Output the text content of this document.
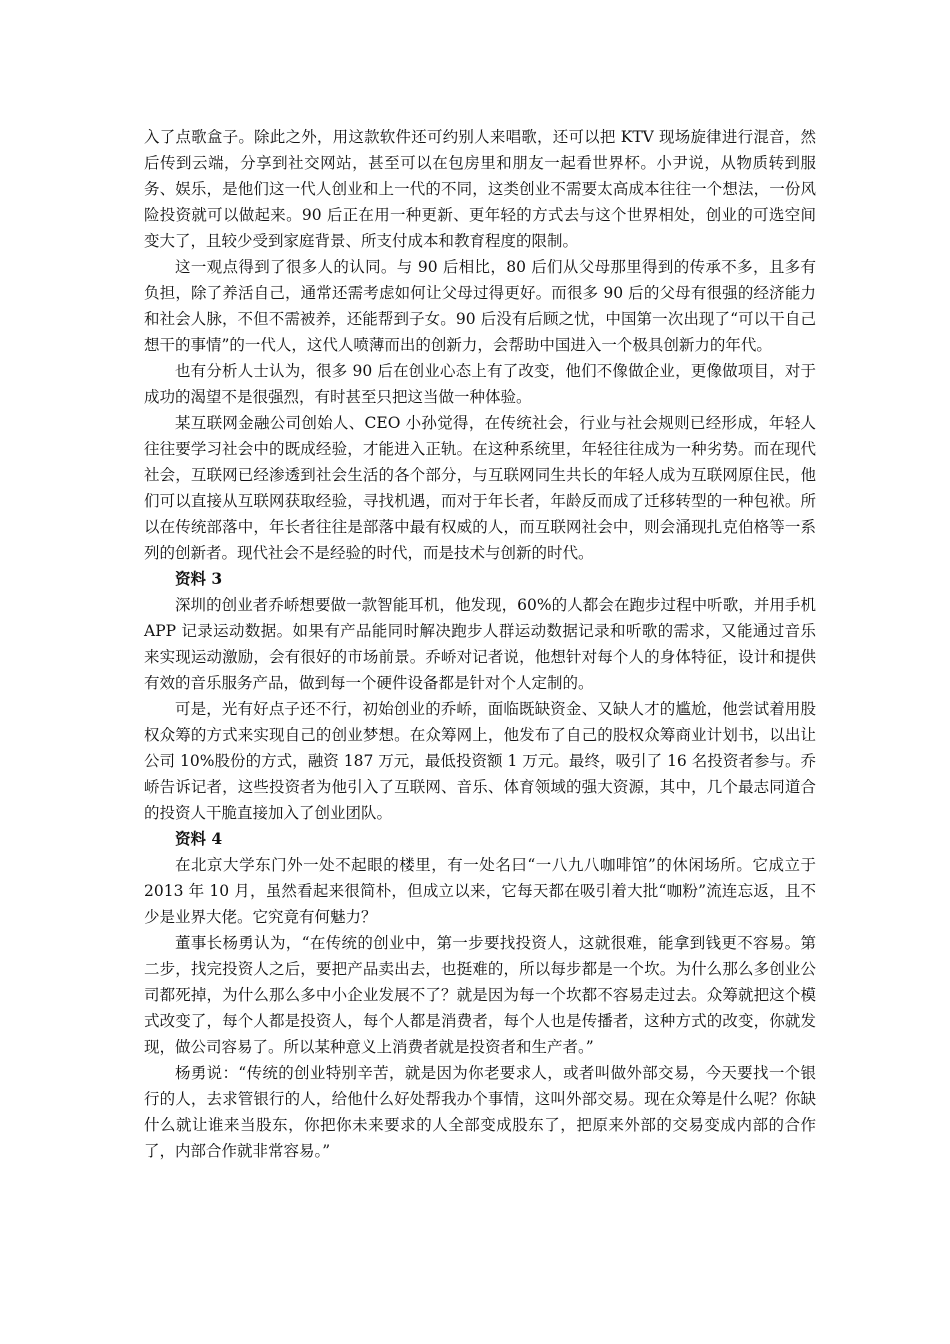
入了点歌盒子。除此之外，用这款软件还可约别人来唱歌，还可以把 KTV 现场旋律进行混音，然后传到云端，分享到社交网站，甚至可以在包房里和朋友一起看世界杯。小尹说，从物质转到服务、娱乐，是他们这一代人创业和上一代的不同，这类创业不需要太高成本往往一个想法，一份风险投资就可以做起来。90 后正在用一种更新、更年轻的方式去与这个世界相处，创业的可选空间变大了，且较少受到家庭背景、所支付成本和教育程度的限制。

这一观点得到了很多人的认同。与 90 后相比，80 后们从父母那里得到的传承不多，且多有负担，除了养活自己，通常还需考虑如何让父母过得更好。而很多 90 后的父母有很强的经济能力和社会人脉，不但不需被养，还能帮到子女。90 后没有后顾之忧，中国第一次出现了“可以干自己想干的事情”的一代人，这代人喷薄而出的创新力，会帮助中国进入一个极具创新力的年代。

也有分析人士认为，很多 90 后在创业心态上有了改变，他们不像做企业，更像做项目，对于成功的渴望不是很强烈，有时甚至只把这当做一种体验。

某互联网金融公司创始人、CEO 小孙觉得，在传统社会，行业与社会规则已经形成，年轻人往往要学习社会中的既成经验，才能进入正轨。在这种系统里，年轻往往成为一种劣势。而在现代社会，互联网已经渗透到社会生活的各个部分，与互联网同生共长的年轻人成为互联网原住民，他们可以直接从互联网获取经验，寻找机遇，而对于年长者，年龄反而成了迁移转型的一种包袱。所以在传统部落中，年长者往往是部落中最有权威的人，而互联网社会中，则会涌现扎克伯格等一系列的创新者。现代社会不是经验的时代，而是技术与创新的时代。

资料 3

深圳的创业者乔峤想要做一款智能耳机，他发现，60%的人都会在跑步过程中听歌，并用手机 APP 记录运动数据。如果有产品能同时解决跑步人群运动数据记录和听歌的需求，又能通过音乐来实现运动激励，会有很好的市场前景。乔峤对记者说，他想针对每个人的身体特征，设计和提供有效的音乐服务产品，做到每一个硬件设备都是针对个人定制的。

可是，光有好点子还不行，初始创业的乔峤，面临既缺资金、又缺人才的尴尬，他尝试着用股权众筹的方式来实现自己的创业梦想。在众筹网上，他发布了自己的股权众筹商业计划书，以出让公司 10%股份的方式，融资 187 万元，最低投资额 1 万元。最终，吸引了 16 名投资者参与。乔峤告诉记者，这些投资者为他引入了互联网、音乐、体育领域的强大资源，其中，几个最志同道合的投资人干脆直接加入了创业团队。

资料 4

在北京大学东门外一处不起眼的楼里，有一处名曰“一八九八咖啡馆”的休闲场所。它成立于 2013 年 10 月，虽然看起来很简朴，但成立以来，它每天都在吸引着大批“咖粉”流连忘返，且不少是业界大佬。它究竟有何魅力？

董事长杨勇认为，“在传统的创业中，第一步要找投资人，这就很难，能拿到钱更不容易。第二步，找完投资人之后，要把产品卖出去，也挺难的，所以每步都是一个坎。为什么那么多创业公司都死掉，为什么那么多中小企业发展不了？就是因为每一个坎都不容易走过去。众筹就把这个模式改变了，每个人都是投资人，每个人都是消费者，每个人也是传播者，这种方式的改变，你就发现，做公司容易了。所以某种意义上消费者就是投资者和生产者。”

杨勇说：“传统的创业特别辛苦，就是因为你老要求人，或者叫做外部交易，今天要找一个银行的人，去求管银行的人，给他什么好处帮我办个事情，这叫外部交易。现在众筹是什么呢？你缺什么就让谁来当股东，你把你未来要求的人全部变成股东了，把原来外部的交易变成内部的合作了，内部合作就非常容易。”
